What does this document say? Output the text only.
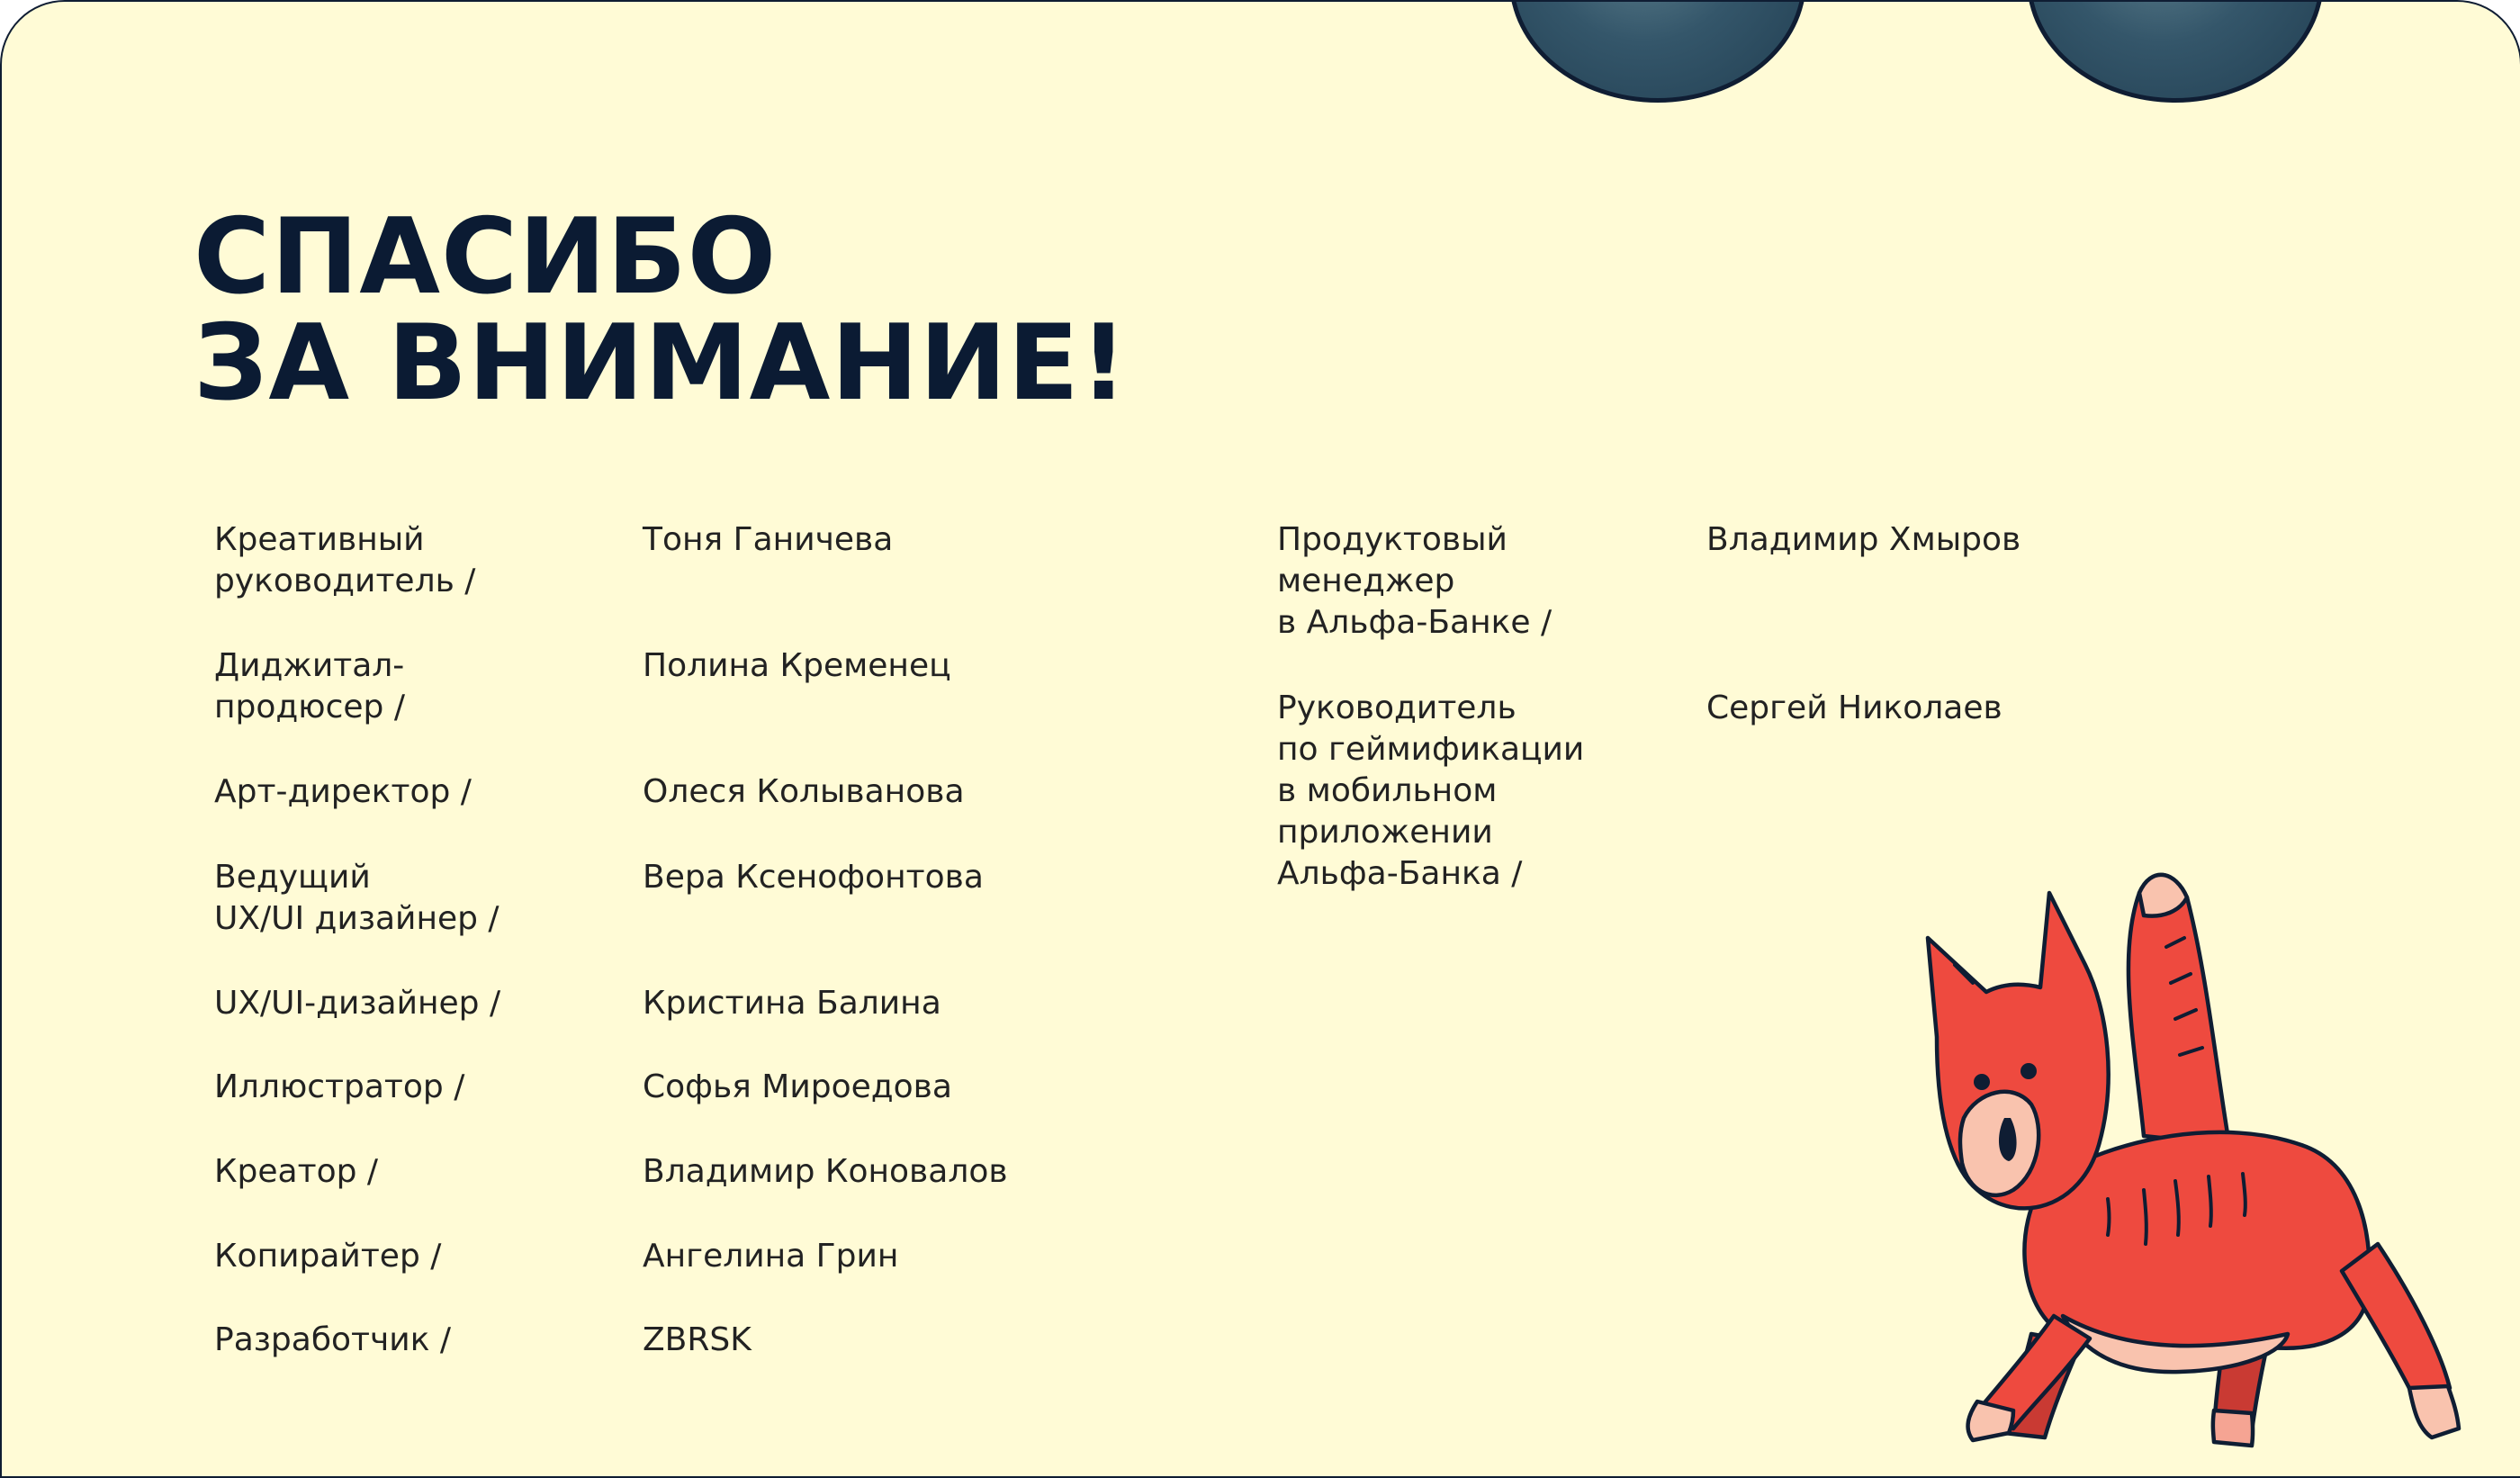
СПАСИБО
ЗА ВНИМАНИЕ!
Креативный
руководитель /
Тоня Ганичева
Диджитал-
продюсер /
Полина Кременец
Арт-директор /	Олеся Колыванова
Ведущий
UX/UI дизайнер /
Вера Ксенофонтова
UX/UI-дизайнер /	Кристина Балина
Иллюстратор /	Софья Мироедова
Креатор /	Владимир Коновалов
Копирайтер /	Ангелина Грин
Разработчик /	ZBRSK
Продуктовый
менеджер
в Альфа-Банке /
Владимир Хмыров
Руководитель
по геймификации
в мобильном
приложении
Альфа-Банка /
Сергей Николаев
